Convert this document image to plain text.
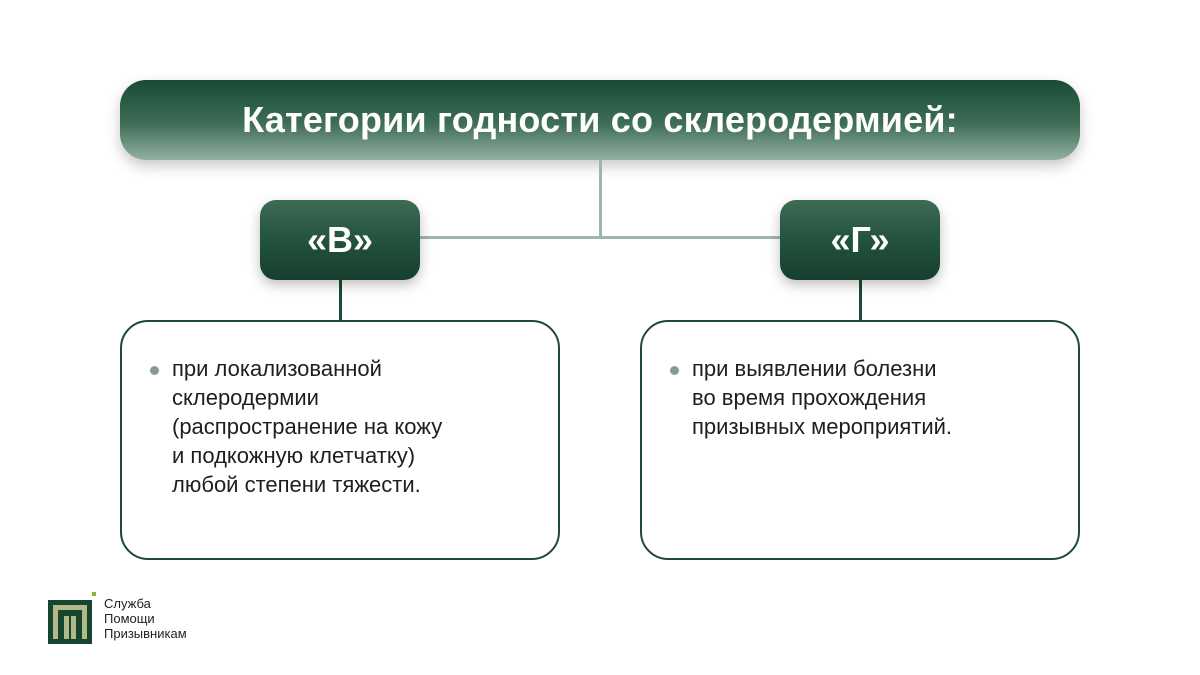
Категории годности со склеродермией:
«В»	«Г»
при локализованной
склеродермии
(распространение на кожу
и подкожную клетчатку)
любой степени тяжести.
при выявлении болезни
во время прохождения
призывных мероприятий.
Служба
Помощи
Призывникам
